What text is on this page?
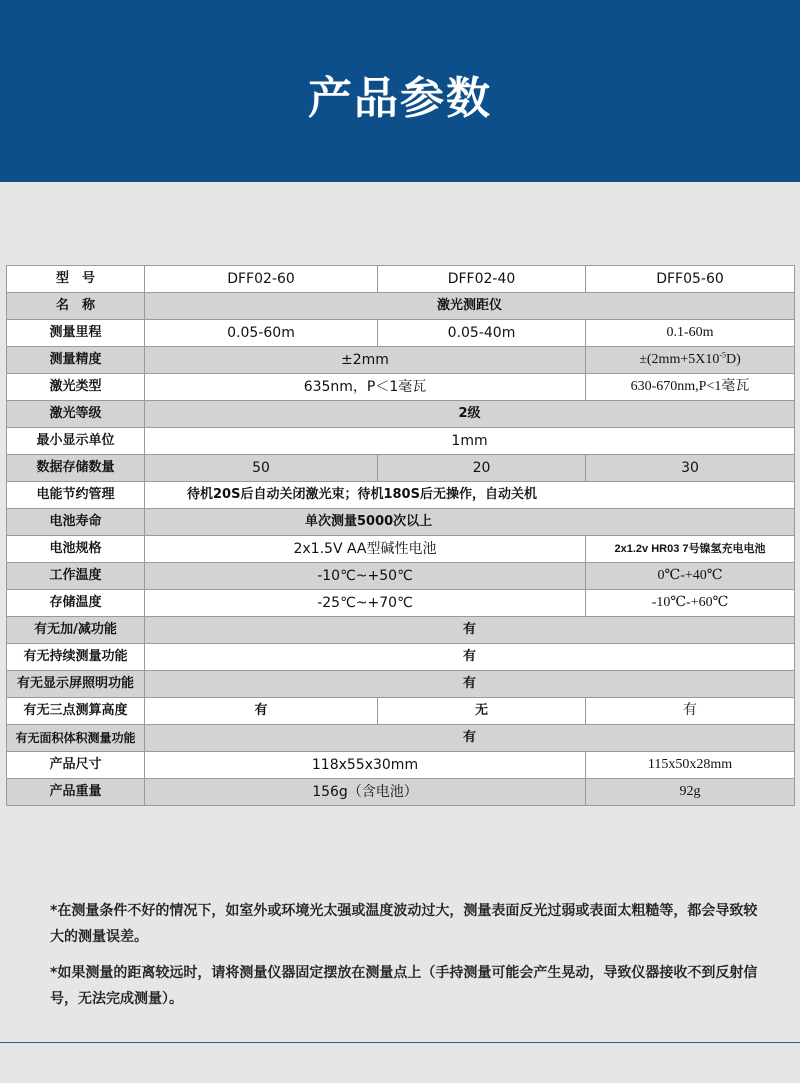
产品参数
型　号	DFF02-60	DFF02-40	DFF05-60
名　称	激光测距仪		
测量里程	0.05-60m	0.05-40m	0.1-60m
测量精度	±2mm		$\pm(2mm+5X10^{-5}D)$
激光类型	635nm，P＜1毫瓦		630-670nm,P<1毫瓦
激光等级	2级		
最小显示单位	1mm		
数据存储数量	50	20	30
电能节约管理	待机20S后自动关闭激光束；待机180S后无操作，自动关机		
电池寿命	单次测量5000次以上		
电池规格	2x1.5V AA型碱性电池		2x1.2v HR03 7号镍氢充电电池
工作温度	-10℃~+50℃		0℃-+40℃
存储温度	-25℃~+70℃		-10℃-+60℃
有无加/减功能	有		
有无持续测量功能	有		
有无显示屏照明功能	有		
有无三点测算高度	有	无	有
有无面积体积测量功能	有		
产品尺寸	118x55x30mm		115x50x28mm
产品重量	156g（含电池）		92g

*在测量条件不好的情况下，如室外或环境光太强或温度波动过大，测量表面反光过弱或表面太粗糙等，都会导致较大的测量误差。

*如果测量的距离较远时，请将测量仪器固定摆放在测量点上（手持测量可能会产生晃动，导致仪器接收不到反射信号，无法完成测量）。
